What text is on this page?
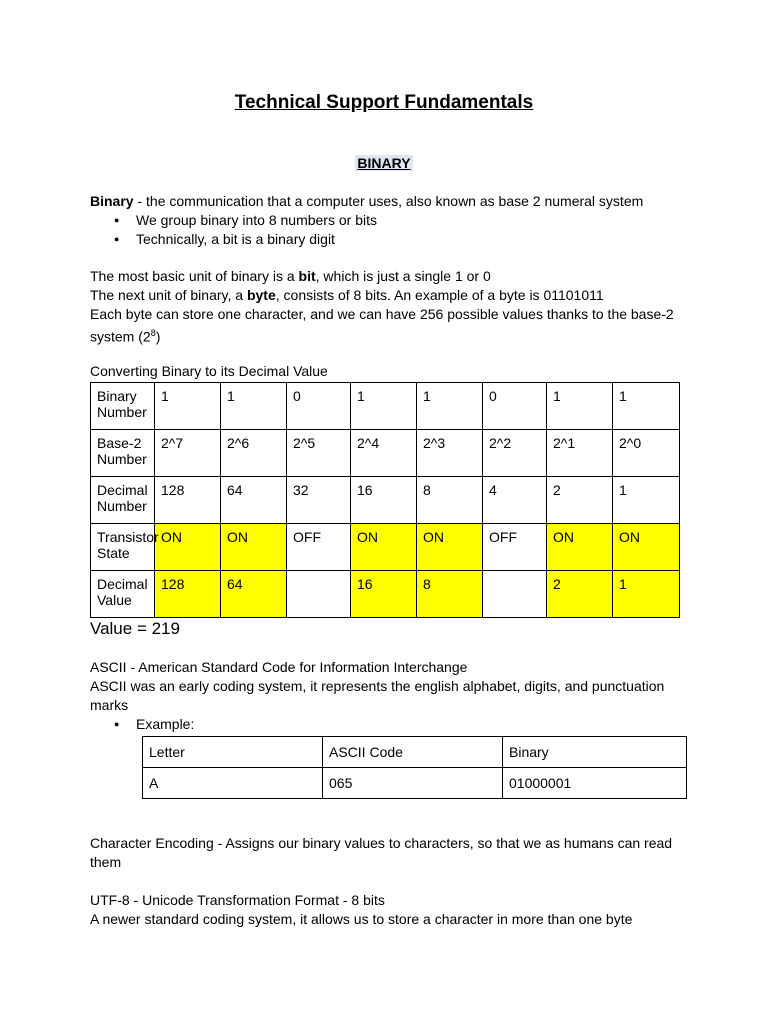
Technical Support Fundamentals
BINARY
Binary - the communication that a computer uses, also known as base 2 numeral system
● We group binary into 8 numbers or bits
● Technically, a bit is a binary digit
The most basic unit of binary is a bit, which is just a single 1 or 0
The next unit of binary, a byte, consists of 8 bits. An example of a byte is 01101011
Each byte can store one character, and we can have 256 possible values thanks to the base-2
system $(2^8)$
Converting Binary to its Decimal Value
Binary Number	1	1	0	1	1	0	1	1
Base-2 Number	2^7	2^6	2^5	2^4	2^3	2^2	2^1	2^0
Decimal Number	128	64	32	16	8	4	2	1
Transistor State	ON	ON	OFF	ON	ON	OFF	ON	ON
Decimal Value	128	64		16	8		2	1
Value = 219
ASCII - American Standard Code for Information Interchange
ASCII was an early coding system, it represents the english alphabet, digits, and punctuation
marks
● Example:
Letter	ASCII Code	Binary
A	065	01000001
Character Encoding - Assigns our binary values to characters, so that we as humans can read
them
UTF-8 - Unicode Transformation Format - 8 bits
A newer standard coding system, it allows us to store a character in more than one byte
